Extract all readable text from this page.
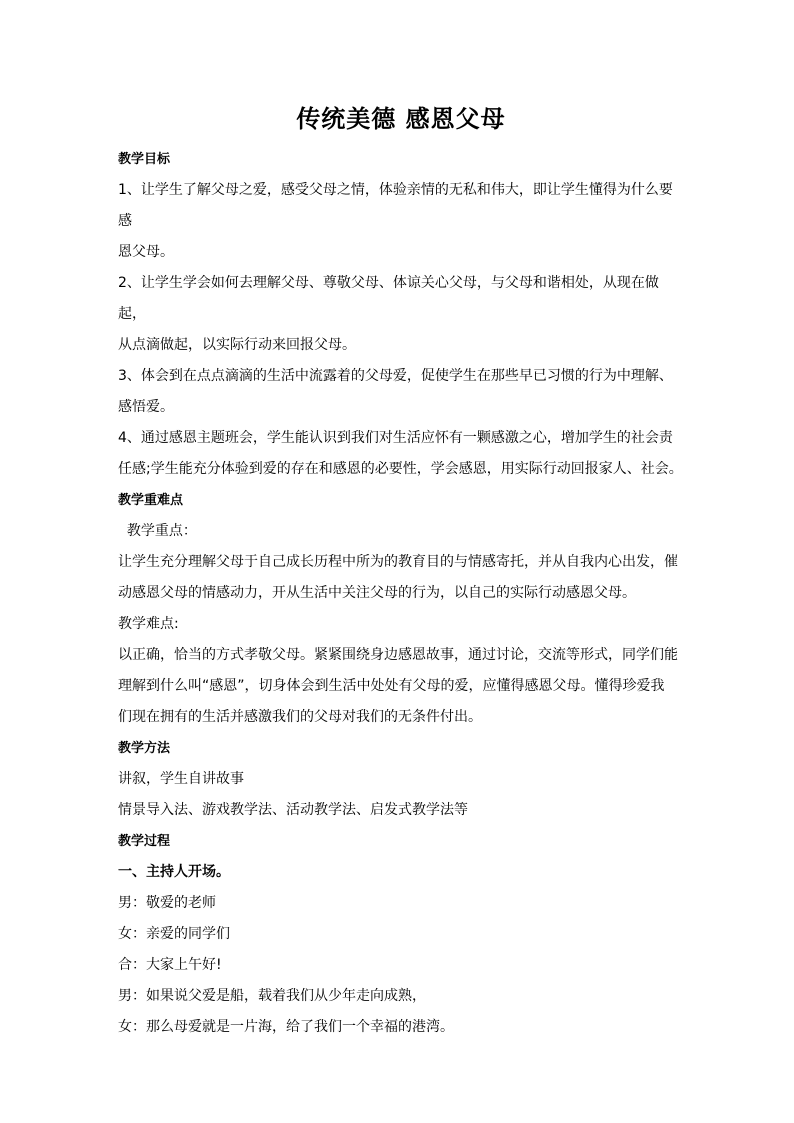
传统美德 感恩父母
教学目标
1、让学生了解父母之爱，感受父母之情，体验亲情的无私和伟大，即让学生懂得为什么要
感
恩父母。
2、让学生学会如何去理解父母、尊敬父母、体谅关心父母，与父母和谐相处，从现在做起，
从点滴做起，以实际行动来回报父母。
3、体会到在点点滴滴的生活中流露着的父母爱，促使学生在那些早已习惯的行为中理解、
感悟爱。
4、通过感恩主题班会，学生能认识到我们对生活应怀有一颗感激之心，增加学生的社会责
任感;学生能充分体验到爱的存在和感恩的必要性，学会感恩，用实际行动回报家人、社会。
教学重难点
教学重点：
让学生充分理解父母于自己成长历程中所为的教育目的与情感寄托，并从自我内心出发，催
动感恩父母的情感动力，开从生活中关注父母的行为，以自己的实际行动感恩父母。
教学难点:
以正确，恰当的方式孝敬父母。紧紧围绕身边感恩故事，通过讨论，交流等形式，同学们能
理解到什么叫“感恩”，切身体会到生活中处处有父母的爱，应懂得感恩父母。懂得珍爱我
们现在拥有的生活并感激我们的父母对我们的无条件付出。
教学方法
讲叙，学生自讲故事
情景导入法、游戏教学法、活动教学法、启发式教学法等
教学过程
一、主持人开场。
男：敬爱的老师
女：亲爱的同学们
合：大家上午好!
男：如果说父爱是船，载着我们从少年走向成熟，
女：那么母爱就是一片海，给了我们一个幸福的港湾。
